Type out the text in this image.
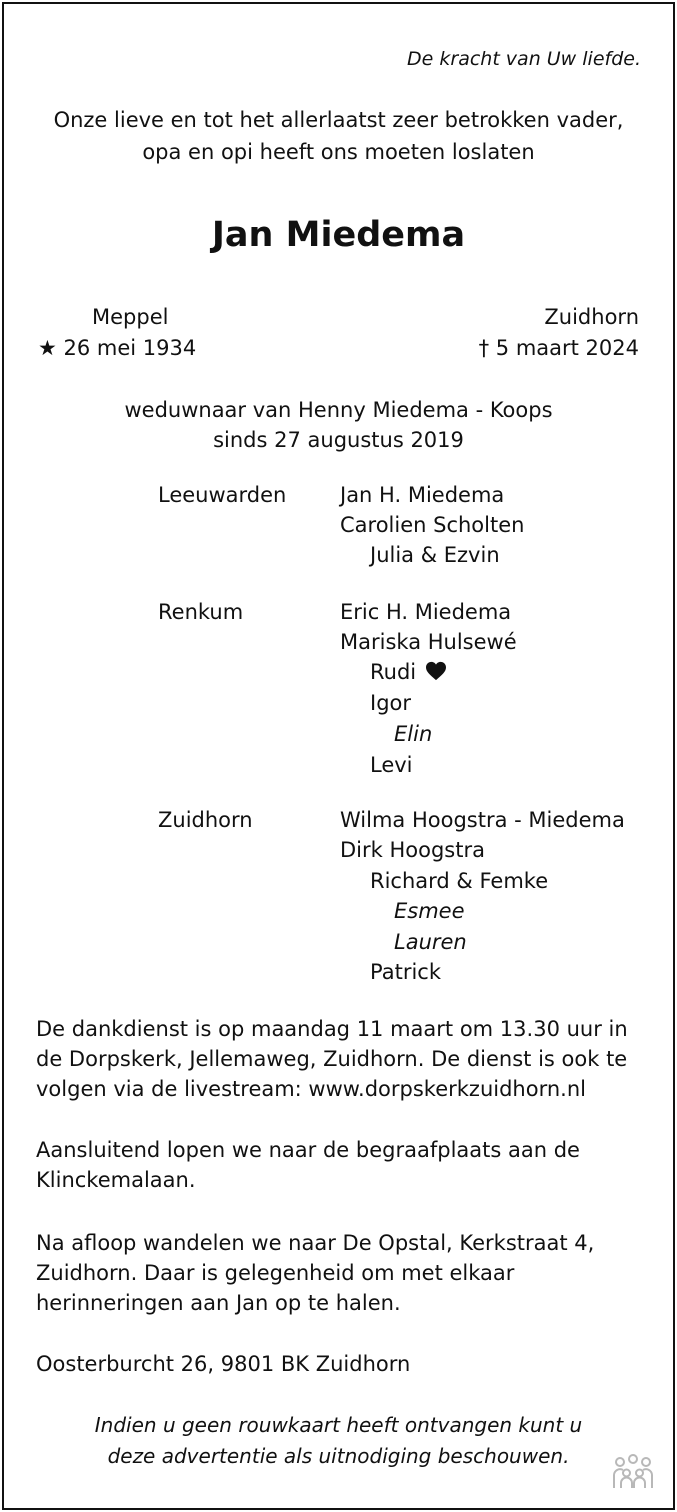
De kracht van Uw liefde.
Onze lieve en tot het allerlaatst zeer betrokken vader,
opa en opi heeft ons moeten loslaten
Jan Miedema
Meppel
★ 26 mei 1934
Zuidhorn
† 5 maart 2024
weduwnaar van Henny Miedema - Koops
sinds 27 augustus 2019
Leeuwarden	Jan H. Miedema
Carolien Scholten
Julia & Ezvin
Renkum	Eric H. Miedema
Mariska Hulsewé
Rudi
Igor
Elin
Levi
Zuidhorn	Wilma Hoogstra - Miedema
Dirk Hoogstra
Richard & Femke
Esmee
Lauren
Patrick
De dankdienst is op maandag 11 maart om 13.30 uur in
de Dorpskerk, Jellemaweg, Zuidhorn. De dienst is ook te
volgen via de livestream: www.dorpskerkzuidhorn.nl
Aansluitend lopen we naar de begraafplaats aan de
Klinckemalaan.
Na afloop wandelen we naar De Opstal, Kerkstraat 4,
Zuidhorn. Daar is gelegenheid om met elkaar
herinneringen aan Jan op te halen.
Oosterburcht 26, 9801 BK Zuidhorn
Indien u geen rouwkaart heeft ontvangen kunt u
deze advertentie als uitnodiging beschouwen.
